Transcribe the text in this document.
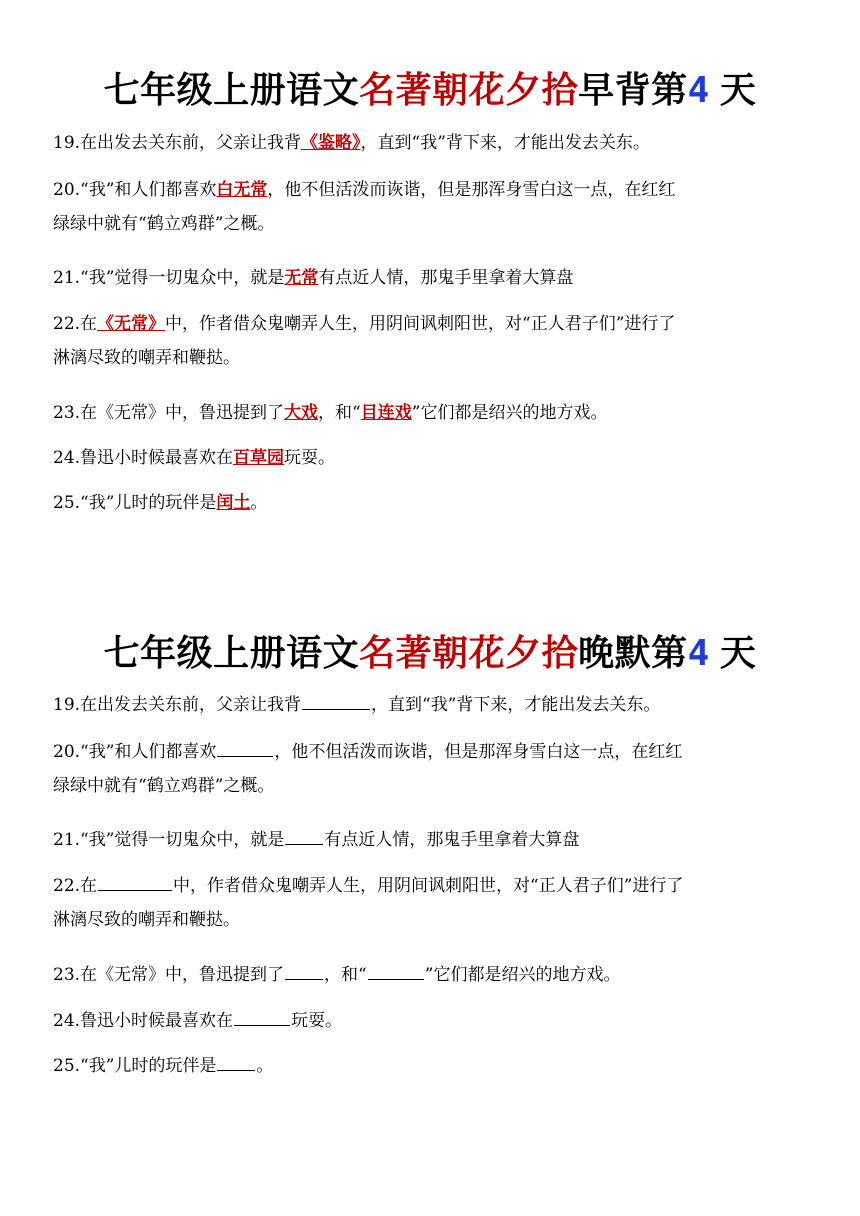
七年级上册语文名著朝花夕拾早背第4 天
19.在出发去关东前，父亲让我背《鉴略》，直到“我”背下来，才能出发去关东。
20.“我”和人们都喜欢白无常，他不但活泼而诙谐，但是那浑身雪白这一点，在红红
绿绿中就有“鹤立鸡群”之概。
21.“我”觉得一切鬼众中，就是无常有点近人情，那鬼手里拿着大算盘
22.在《无常》中，作者借众鬼嘲弄人生，用阴间讽刺阳世，对“正人君子们”进行了
淋漓尽致的嘲弄和鞭挞。
23.在《无常》中，鲁迅提到了大戏，和“目连戏”它们都是绍兴的地方戏。
24.鲁迅小时候最喜欢在百草园玩耍。
25.“我”儿时的玩伴是闰土。
七年级上册语文名著朝花夕拾晚默第4 天
19.在出发去关东前，父亲让我背	，直到“我”背下来，才能出发去关东。
20.“我”和人们都喜欢	，他不但活泼而诙谐，但是那浑身雪白这一点，在红红
绿绿中就有“鹤立鸡群”之概。
21.“我”觉得一切鬼众中，就是 有点近人情，那鬼手里拿着大算盘
22.在	中，作者借众鬼嘲弄人生，用阴间讽刺阳世，对“正人君子们”进行了
淋漓尽致的嘲弄和鞭挞。
23.在《无常》中，鲁迅提到了 ，和“	”它们都是绍兴的地方戏。
24.鲁迅小时候最喜欢在	玩耍。
25.“我”儿时的玩伴是 。
